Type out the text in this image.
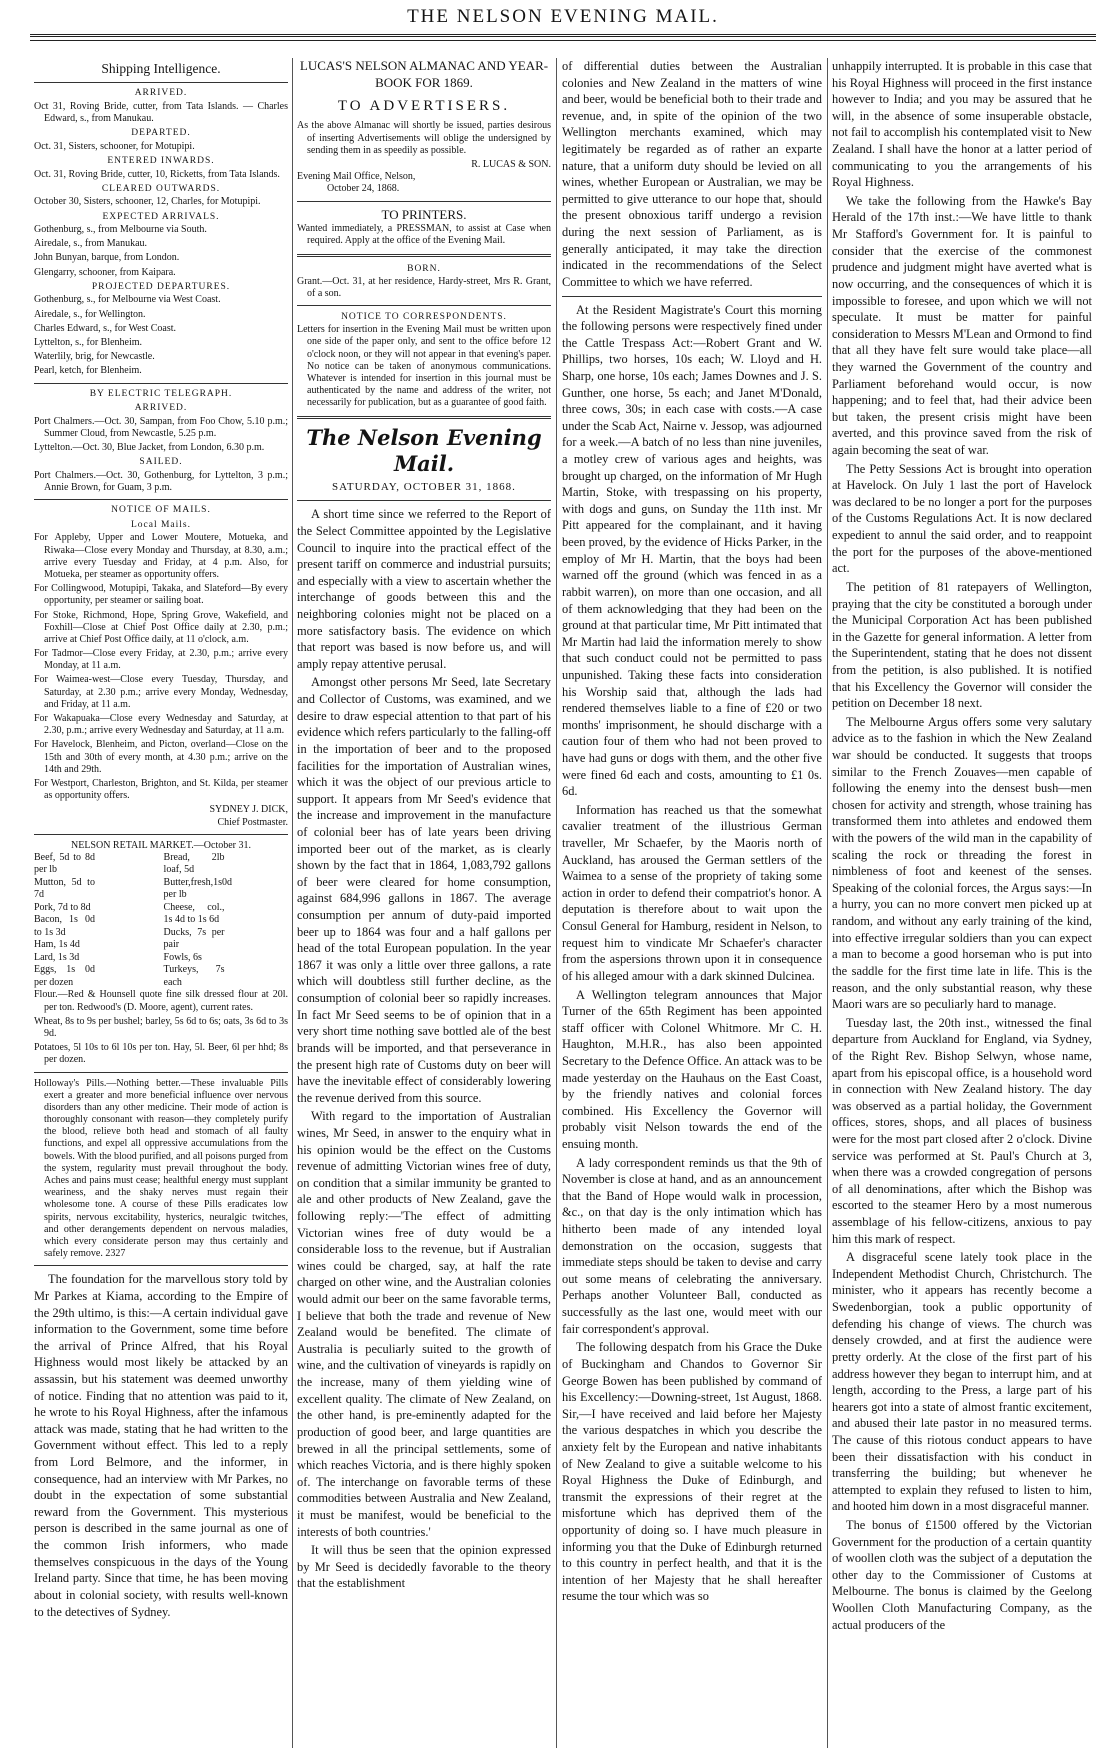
THE NELSON EVENING MAIL.
Shipping Intelligence.
ARRIVED.

Oct 31, Roving Bride, cutter, from Tata Islands. — Charles Edward, s., from Manukau.

DEPARTED.

Oct. 31, Sisters, schooner, for Motupipi.

ENTERED INWARDS.

Oct. 31, Roving Bride, cutter, 10, Ricketts, from Tata Islands.

CLEARED OUTWARDS.

October 30, Sisters, schooner, 12, Charles, for Motupipi.

EXPECTED ARRIVALS.

Gothenburg, s., from Melbourne via South.

Airedale, s., from Manukau.

John Bunyan, barque, from London.

Glengarry, schooner, from Kaipara.

PROJECTED DEPARTURES.

Gothenburg, s., for Melbourne via West Coast.

Airedale, s., for Wellington.

Charles Edward, s., for West Coast.

Lyttelton, s., for Blenheim.

Waterlily, brig, for Newcastle.

Pearl, ketch, for Blenheim.

BY ELECTRIC TELEGRAPH.
ARRIVED.

Port Chalmers.—Oct. 30, Sampan, from Foo Chow, 5.10 p.m.; Summer Cloud, from Newcastle, 5.25 p.m.

Lyttelton.—Oct. 30, Blue Jacket, from London, 6.30 p.m.

SAILED.

Port Chalmers.—Oct. 30, Gothenburg, for Lyttelton, 3 p.m.; Annie Brown, for Guam, 3 p.m.

NOTICE OF MAILS.
Local Mails.

For Appleby, Upper and Lower Moutere, Motueka, and Riwaka—Close every Monday and Thursday, at 8.30, a.m.; arrive every Tuesday and Friday, at 4 p.m. Also, for Motueka, per steamer as opportunity offers.

For Collingwood, Motupipi, Takaka, and Slateford—By every opportunity, per steamer or sailing boat.

For Stoke, Richmond, Hope, Spring Grove, Wakefield, and Foxhill—Close at Chief Post Office daily at 2.30, p.m.; arrive at Chief Post Office daily, at 11 o'clock, a.m.

For Tadmor—Close every Friday, at 2.30, p.m.; arrive every Monday, at 11 a.m.

For Waimea-west—Close every Tuesday, Thursday, and Saturday, at 2.30 p.m.; arrive every Monday, Wednesday, and Friday, at 11 a.m.

For Wakapuaka—Close every Wednesday and Saturday, at 2.30, p.m.; arrive every Wednesday and Saturday, at 11 a.m.

For Havelock, Blenheim, and Picton, overland—Close on the 15th and 30th of every month, at 4.30 p.m.; arrive on the 14th and 29th.

For Westport, Charleston, Brighton, and St. Kilda, per steamer as opportunity offers.

SYDNEY J. DICK,
Chief Postmaster.
NELSON RETAIL MARKET.—October 31.
Beef, 5d to 8d per lb
Mutton, 5d to 7d
Pork, 7d to 8d
Bacon, 1s 0d to 1s 3d
Ham, 1s 4d
Lard, 1s 3d
Eggs, 1s 0d per dozen
Bread, 2lb loaf, 5d
Butter,fresh,1s0d per lb
Cheese, col., 1s 4d to 1s 6d
Ducks, 7s per pair
Fowls, 6s
Turkeys, 7s each

Flour.—Red & Hounsell quote fine silk dressed flour at 20l. per ton. Redwood's (D. Moore, agent), current rates.

Wheat, 8s to 9s per bushel; barley, 5s 6d to 6s; oats, 3s 6d to 3s 9d.

Potatoes, 5l 10s to 6l 10s per ton. Hay, 5l. Beer, 6l per hhd; 8s per dozen.

Holloway's Pills.—Nothing better.—These invaluable Pills exert a greater and more beneficial influence over nervous disorders than any other medicine. Their mode of action is thoroughly consonant with reason—they completely purify the blood, relieve both head and stomach of all faulty functions, and expel all oppressive accumulations from the bowels. With the blood purified, and all poisons purged from the system, regularity must prevail throughout the body. Aches and pains must cease; healthful energy must supplant weariness, and the shaky nerves must regain their wholesome tone. A course of these Pills eradicates low spirits, nervous excitability, hysterics, neuralgic twitches, and other derangements dependent on nervous maladies, which every considerate person may thus certainly and safely remove. 2327

The foundation for the marvellous story told by Mr Parkes at Kiama, according to the Empire of the 29th ultimo, is this:—A certain individual gave information to the Government, some time before the arrival of Prince Alfred, that his Royal Highness would most likely be attacked by an assassin, but his statement was deemed unworthy of notice. Finding that no attention was paid to it, he wrote to his Royal Highness, after the infamous attack was made, stating that he had written to the Government without effect. This led to a reply from Lord Belmore, and the informer, in consequence, had an interview with Mr Parkes, no doubt in the expectation of some substantial reward from the Government. This mysterious person is described in the same journal as one of the common Irish informers, who made themselves conspicuous in the days of the Young Ireland party. Since that time, he has been moving about in colonial society, with results well-known to the detectives of Sydney.

LUCAS'S NELSON ALMANAC AND YEAR-BOOK FOR 1869.
TO ADVERTISERS.

As the above Almanac will shortly be issued, parties desirous of inserting Advertisements will oblige the undersigned by sending them in as speedily as possible.

R. LUCAS & SON.
Evening Mail Office, Nelson,
October 24, 1868.
TO PRINTERS.

Wanted immediately, a PRESSMAN, to assist at Case when required. Apply at the office of the Evening Mail.

BORN.

Grant.—Oct. 31, at her residence, Hardy-street, Mrs R. Grant, of a son.

NOTICE TO CORRESPONDENTS.

Letters for insertion in the Evening Mail must be written upon one side of the paper only, and sent to the office before 12 o'clock noon, or they will not appear in that evening's paper. No notice can be taken of anonymous communications. Whatever is intended for insertion in this journal must be authenticated by the name and address of the writer, not necessarily for publication, but as a guarantee of good faith.

The Nelson Evening Mail.
SATURDAY, OCTOBER 31, 1868.

A short time since we referred to the Report of the Select Committee appointed by the Legislative Council to inquire into the practical effect of the present tariff on commerce and industrial pursuits; and especially with a view to ascertain whether the interchange of goods between this and the neighboring colonies might not be placed on a more satisfactory basis. The evidence on which that report was based is now before us, and will amply repay attentive perusal.

Amongst other persons Mr Seed, late Secretary and Collector of Customs, was examined, and we desire to draw especial attention to that part of his evidence which refers particularly to the falling-off in the importation of beer and to the proposed facilities for the importation of Australian wines, which it was the object of our previous article to support. It appears from Mr Seed's evidence that the increase and improvement in the manufacture of colonial beer has of late years been driving imported beer out of the market, as is clearly shown by the fact that in 1864, 1,083,792 gallons of beer were cleared for home consumption, against 684,996 gallons in 1867. The average consumption per annum of duty-paid imported beer up to 1864 was four and a half gallons per head of the total European population. In the year 1867 it was only a little over three gallons, a rate which will doubtless still further decline, as the consumption of colonial beer so rapidly increases. In fact Mr Seed seems to be of opinion that in a very short time nothing save bottled ale of the best brands will be imported, and that perseverance in the present high rate of Customs duty on beer will have the inevitable effect of considerably lowering the revenue derived from this source.

With regard to the importation of Australian wines, Mr Seed, in answer to the enquiry what in his opinion would be the effect on the Customs revenue of admitting Victorian wines free of duty, on condition that a similar immunity be granted to ale and other products of New Zealand, gave the following reply:—'The effect of admitting Victorian wines free of duty would be a considerable loss to the revenue, but if Australian wines could be charged, say, at half the rate charged on other wine, and the Australian colonies would admit our beer on the same favorable terms, I believe that both the trade and revenue of New Zealand would be benefited. The climate of Australia is peculiarly suited to the growth of wine, and the cultivation of vineyards is rapidly on the increase, many of them yielding wine of excellent quality. The climate of New Zealand, on the other hand, is pre-eminently adapted for the production of good beer, and large quantities are brewed in all the principal settlements, some of which reaches Victoria, and is there highly spoken of. The interchange on favorable terms of these commodities between Australia and New Zealand, it must be manifest, would be beneficial to the interests of both countries.'

It will thus be seen that the opinion expressed by Mr Seed is decidedly favorable to the theory that the establishment

of differential duties between the Australian colonies and New Zealand in the matters of wine and beer, would be beneficial both to their trade and revenue, and, in spite of the opinion of the two Wellington merchants examined, which may legitimately be regarded as of rather an exparte nature, that a uniform duty should be levied on all wines, whether European or Australian, we may be permitted to give utterance to our hope that, should the present obnoxious tariff undergo a revision during the next session of Parliament, as is generally anticipated, it may take the direction indicated in the recommendations of the Select Committee to which we have referred.

At the Resident Magistrate's Court this morning the following persons were respectively fined under the Cattle Trespass Act:—Robert Grant and W. Phillips, two horses, 10s each; W. Lloyd and H. Sharp, one horse, 10s each; James Downes and J. S. Gunther, one horse, 5s each; and Janet M'Donald, three cows, 30s; in each case with costs.—A case under the Scab Act, Nairne v. Jessop, was adjourned for a week.—A batch of no less than nine juveniles, a motley crew of various ages and heights, was brought up charged, on the information of Mr Hugh Martin, Stoke, with trespassing on his property, with dogs and guns, on Sunday the 11th inst. Mr Pitt appeared for the complainant, and it having been proved, by the evidence of Hicks Parker, in the employ of Mr H. Martin, that the boys had been warned off the ground (which was fenced in as a rabbit warren), on more than one occasion, and all of them acknowledging that they had been on the ground at that particular time, Mr Pitt intimated that Mr Martin had laid the information merely to show that such conduct could not be permitted to pass unpunished. Taking these facts into consideration his Worship said that, although the lads had rendered themselves liable to a fine of £20 or two months' imprisonment, he should discharge with a caution four of them who had not been proved to have had guns or dogs with them, and the other five were fined 6d each and costs, amounting to £1 0s. 6d.

Information has reached us that the somewhat cavalier treatment of the illustrious German traveller, Mr Schaefer, by the Maoris north of Auckland, has aroused the German settlers of the Waimea to a sense of the propriety of taking some action in order to defend their compatriot's honor. A deputation is therefore about to wait upon the Consul General for Hamburg, resident in Nelson, to request him to vindicate Mr Schaefer's character from the aspersions thrown upon it in consequence of his alleged amour with a dark skinned Dulcinea.

A Wellington telegram announces that Major Turner of the 65th Regiment has been appointed staff officer with Colonel Whitmore. Mr C. H. Haughton, M.H.R., has also been appointed Secretary to the Defence Office. An attack was to be made yesterday on the Hauhaus on the East Coast, by the friendly natives and colonial forces combined. His Excellency the Governor will probably visit Nelson towards the end of the ensuing month.

A lady correspondent reminds us that the 9th of November is close at hand, and as an announcement that the Band of Hope would walk in procession, &c., on that day is the only intimation which has hitherto been made of any intended loyal demonstration on the occasion, suggests that immediate steps should be taken to devise and carry out some means of celebrating the anniversary. Perhaps another Volunteer Ball, conducted as successfully as the last one, would meet with our fair correspondent's approval.

The following despatch from his Grace the Duke of Buckingham and Chandos to Governor Sir George Bowen has been published by command of his Excellency:—Downing-street, 1st August, 1868. Sir,—I have received and laid before her Majesty the various despatches in which you describe the anxiety felt by the European and native inhabitants of New Zealand to give a suitable welcome to his Royal Highness the Duke of Edinburgh, and transmit the expressions of their regret at the misfortune which has deprived them of the opportunity of doing so. I have much pleasure in informing you that the Duke of Edinburgh returned to this country in perfect health, and that it is the intention of her Majesty that he shall hereafter resume the tour which was so

unhappily interrupted. It is probable in this case that his Royal Highness will proceed in the first instance however to India; and you may be assured that he will, in the absence of some insuperable obstacle, not fail to accomplish his contemplated visit to New Zealand. I shall have the honor at a latter period of communicating to you the arrangements of his Royal Highness.

We take the following from the Hawke's Bay Herald of the 17th inst.:—We have little to thank Mr Stafford's Government for. It is painful to consider that the exercise of the commonest prudence and judgment might have averted what is now occurring, and the consequences of which it is impossible to foresee, and upon which we will not speculate. It must be matter for painful consideration to Messrs M'Lean and Ormond to find that all they have felt sure would take place—all they warned the Government of the country and Parliament beforehand would occur, is now happening; and to feel that, had their advice been but taken, the present crisis might have been averted, and this province saved from the risk of again becoming the seat of war.

The Petty Sessions Act is brought into operation at Havelock. On July 1 last the port of Havelock was declared to be no longer a port for the purposes of the Customs Regulations Act. It is now declared expedient to annul the said order, and to reappoint the port for the purposes of the above-mentioned act.

The petition of 81 ratepayers of Wellington, praying that the city be constituted a borough under the Municipal Corporation Act has been published in the Gazette for general information. A letter from the Superintendent, stating that he does not dissent from the petition, is also published. It is notified that his Excellency the Governor will consider the petition on December 18 next.

The Melbourne Argus offers some very salutary advice as to the fashion in which the New Zealand war should be conducted. It suggests that troops similar to the French Zouaves—men capable of following the enemy into the densest bush—men chosen for activity and strength, whose training has transformed them into athletes and endowed them with the powers of the wild man in the capability of scaling the rock or threading the forest in nimbleness of foot and keenest of the senses. Speaking of the colonial forces, the Argus says:—In a hurry, you can no more convert men picked up at random, and without any early training of the kind, into effective irregular soldiers than you can expect a man to become a good horseman who is put into the saddle for the first time late in life. This is the reason, and the only substantial reason, why these Maori wars are so peculiarly hard to manage.

Tuesday last, the 20th inst., witnessed the final departure from Auckland for England, via Sydney, of the Right Rev. Bishop Selwyn, whose name, apart from his episcopal office, is a household word in connection with New Zealand history. The day was observed as a partial holiday, the Government offices, stores, shops, and all places of business were for the most part closed after 2 o'clock. Divine service was performed at St. Paul's Church at 3, when there was a crowded congregation of persons of all denominations, after which the Bishop was escorted to the steamer Hero by a most numerous assemblage of his fellow-citizens, anxious to pay him this mark of respect.

A disgraceful scene lately took place in the Independent Methodist Church, Christchurch. The minister, who it appears has recently become a Swedenborgian, took a public opportunity of defending his change of views. The church was densely crowded, and at first the audience were pretty orderly. At the close of the first part of his address however they began to interrupt him, and at length, according to the Press, a large part of his hearers got into a state of almost frantic excitement, and abused their late pastor in no measured terms. The cause of this riotous conduct appears to have been their dissatisfaction with his conduct in transferring the building; but whenever he attempted to explain they refused to listen to him, and hooted him down in a most disgraceful manner.

The bonus of £1500 offered by the Victorian Government for the production of a certain quantity of woollen cloth was the subject of a deputation the other day to the Commissioner of Customs at Melbourne. The bonus is claimed by the Geelong Woollen Cloth Manufacturing Company, as the actual producers of the
